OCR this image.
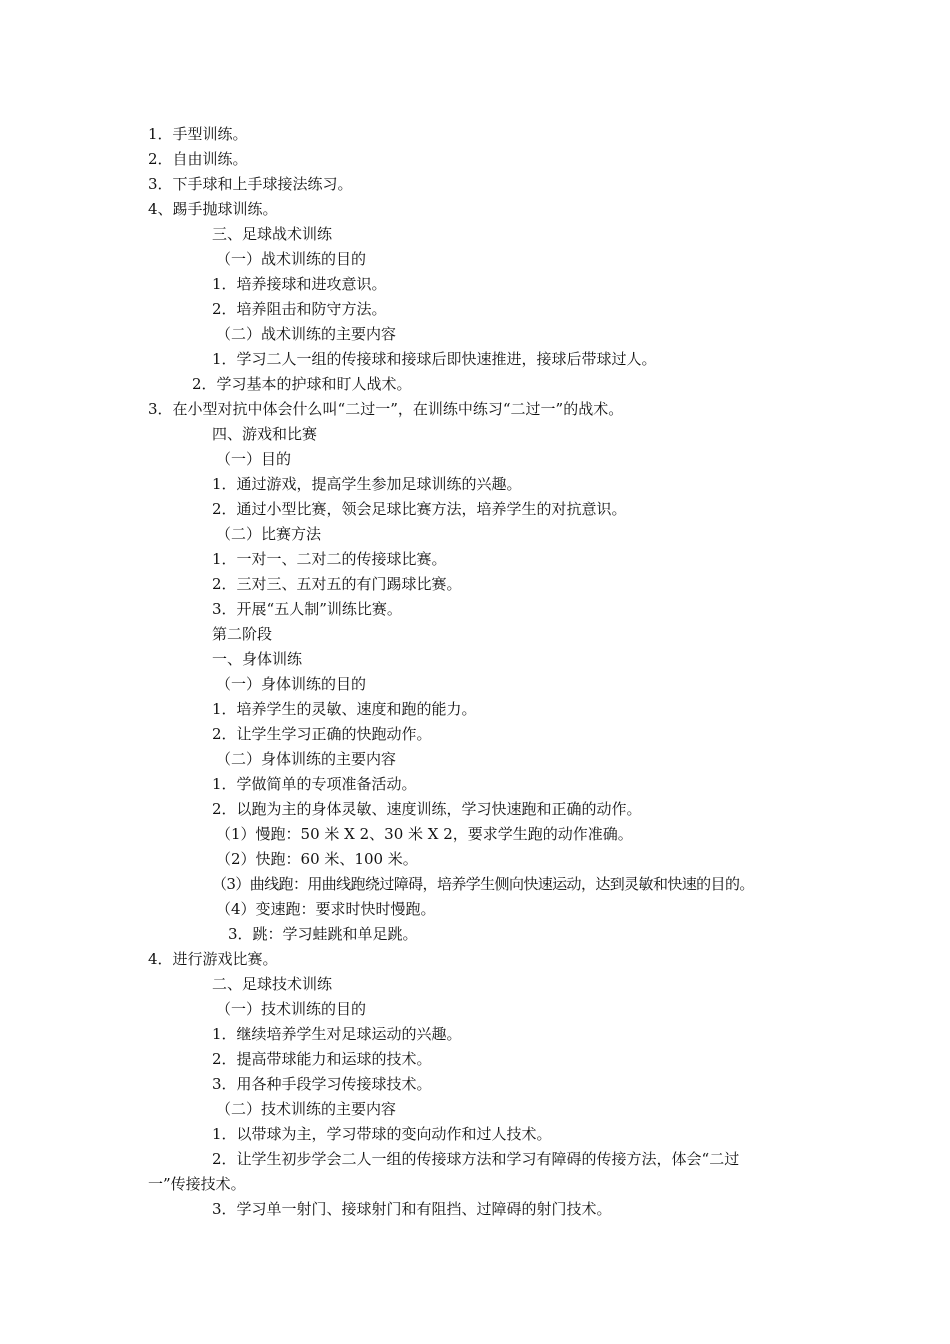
1．手型训练。
2．自由训练。
3．下手球和上手球接法练习。
4、踢手抛球训练。
三、足球战术训练
（一）战术训练的目的
1．培养接球和进攻意识。
2．培养阻击和防守方法。
（二）战术训练的主要内容
1．学习二人一组的传接球和接球后即快速推进，接球后带球过人。
2．学习基本的护球和盯人战术。
3．在小型对抗中体会什么叫“二过一”，在训练中练习“二过一”的战术。
四、游戏和比赛
（一）目的
1．通过游戏，提高学生参加足球训练的兴趣。
2．通过小型比赛，领会足球比赛方法，培养学生的对抗意识。
（二）比赛方法
1．一对一、二对二的传接球比赛。
2．三对三、五对五的有门踢球比赛。
3．开展“五人制”训练比赛。
第二阶段
一、身体训练
（一）身体训练的目的
1．培养学生的灵敏、速度和跑的能力。
2．让学生学习正确的快跑动作。
（二）身体训练的主要内容
1．学做简单的专项准备活动。
2．以跑为主的身体灵敏、速度训练，学习快速跑和正确的动作。
（1）慢跑：50 米 X 2、30 米 X 2，要求学生跑的动作准确。
（2）快跑：60 米、100 米。
（3）曲线跑：用曲线跑绕过障碍，培养学生侧向快速运动，达到灵敏和快速的目的。
（4）变速跑：要求时快时慢跑。
3．跳：学习蛙跳和单足跳。
4．进行游戏比赛。
二、足球技术训练
（一）技术训练的目的
1．继续培养学生对足球运动的兴趣。
2．提高带球能力和运球的技术。
3．用各种手段学习传接球技术。
（二）技术训练的主要内容
1．以带球为主，学习带球的变向动作和过人技术。
2．让学生初步学会二人一组的传接球方法和学习有障碍的传接方法，体会“二过
一”传接技术。
3．学习单一射门、接球射门和有阻挡、过障碍的射门技术。
